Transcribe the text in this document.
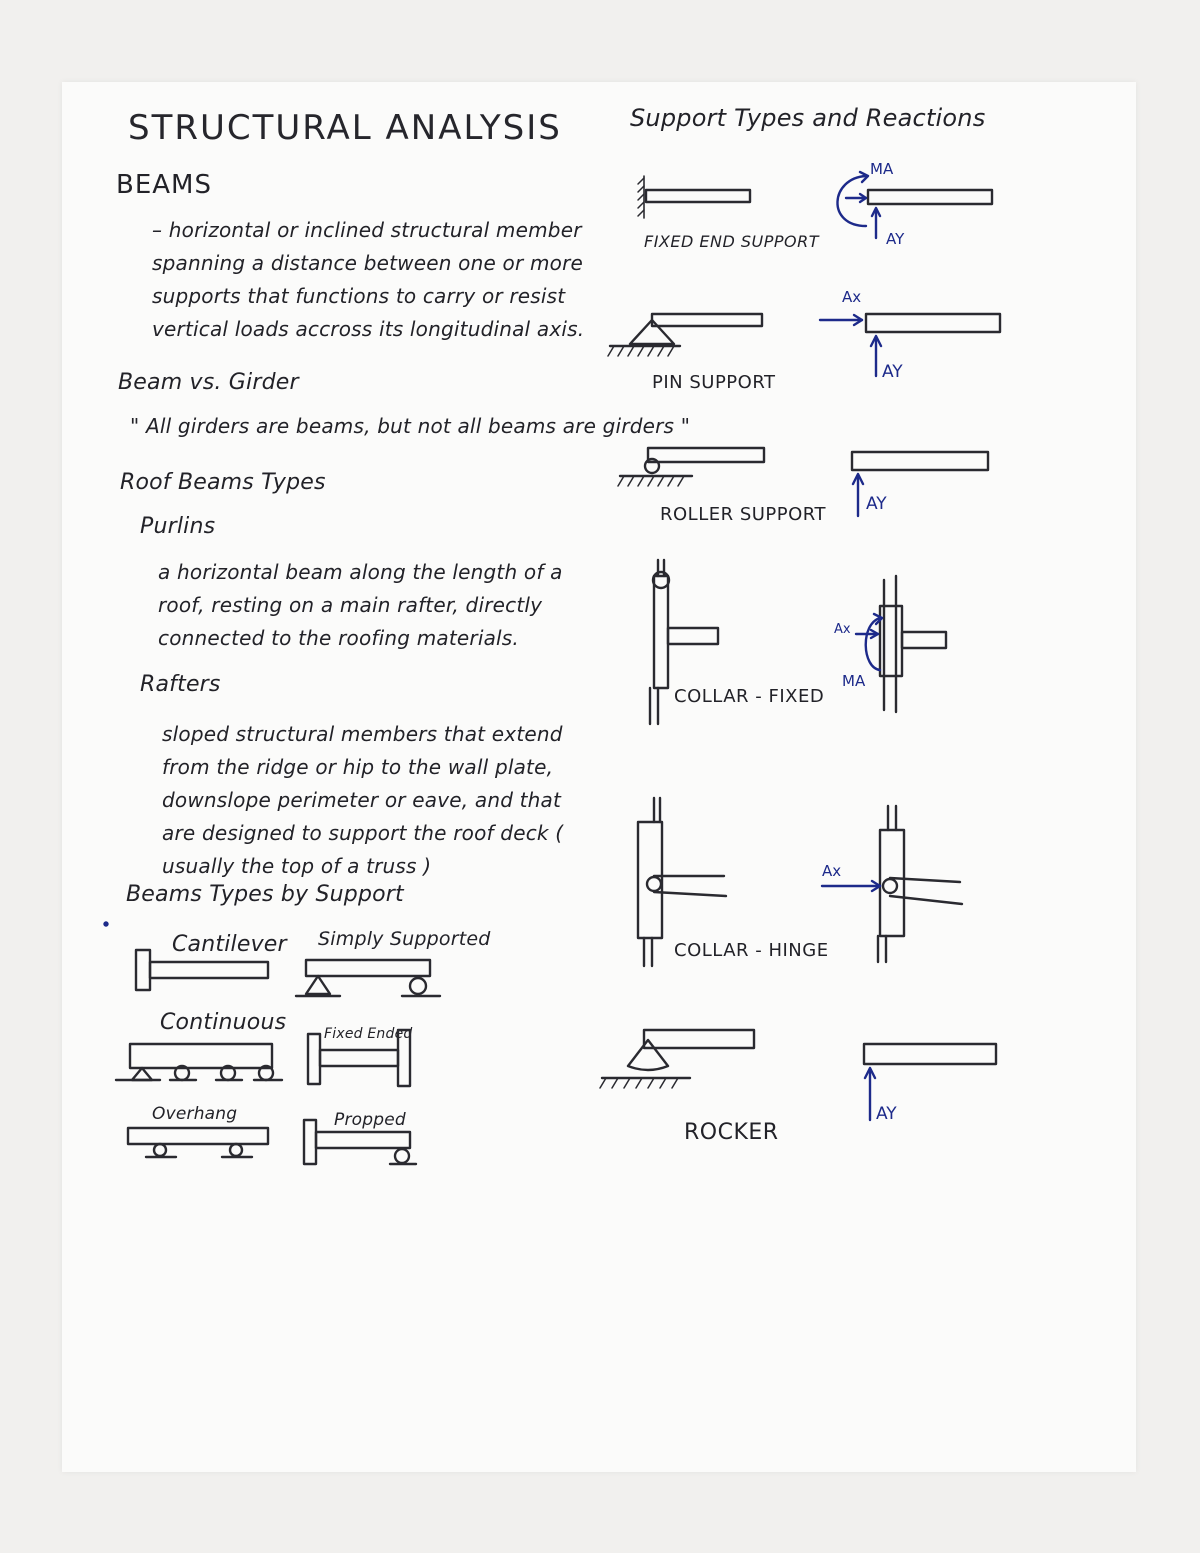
STRUCTURAL ANALYSIS
BEAMS
– horizontal or inclined structural member spanning a distance between one or more supports that functions to carry or resist vertical loads accross its longitudinal axis.
Beam vs. Girder
" All girders are beams, but not all beams are girders "
Roof Beams Types
Purlins
a horizontal beam along the length of a roof, resting on a main rafter, directly connected to the roofing materials.
Rafters
sloped structural members that extend from the ridge or hip to the wall plate, downslope perimeter or eave, and that are designed to support the roof deck ( usually the top of a truss )
Beams Types by Support
Cantilever Simply Supported
Continuous	Fixed Ended
Overhang	Propped
Support Types and Reactions
FIXED END SUPPORT
PIN SUPPORT
ROLLER SUPPORT
COLLAR - FIXED
COLLAR - HINGE
ROCKER
MA
AY
Ax
AY
AY
Ax
MA
Ax
AY
